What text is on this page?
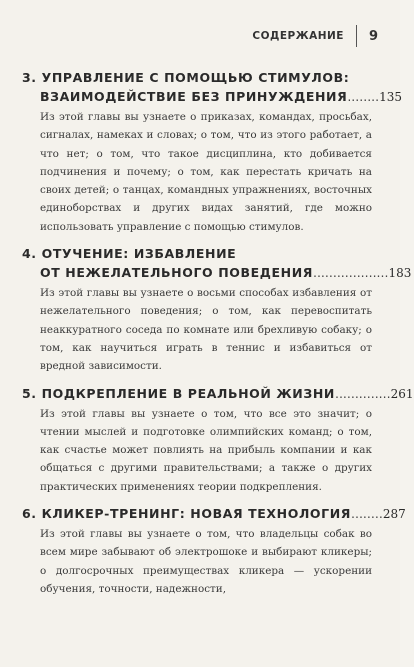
СОДЕРЖАНИЕ 9
3. УПРАВЛЕНИЕ С ПОМОЩЬЮ СТИМУЛОВ:
ВЗАИМОДЕЙСТВИЕ БЕЗ ПРИНУЖДЕНИЯ........135

Из этой главы вы узнаете о приказах, командах, просьбах, сигналах, намеках и словах; о том, что из этого работает, а что нет; о том, что такое дисциплина, кто добивается подчинения и почему; о том, как перестать кричать на своих детей; о танцах, командных упражнениях, восточных единоборствах и других видах занятий, где можно использовать управление с помощью стимулов.

4. ОТУЧЕНИЕ: ИЗБАВЛЕНИЕ
ОТ НЕЖЕЛАТЕЛЬНОГО ПОВЕДЕНИЯ...................183

Из этой главы вы узнаете о восьми способах избавления от нежелательного поведения; о том, как перевоспитать неаккуратного соседа по комнате или брехливую собаку; о том, как научиться играть в теннис и избавиться от вредной зависимости.

5. ПОДКРЕПЛЕНИЕ В РЕАЛЬНОЙ ЖИЗНИ..............261

Из этой главы вы узнаете о том, что все это значит; о чтении мыслей и подготовке олимпийских команд; о том, как счастье может повлиять на прибыль компании и как общаться с другими правительствами; а также о других практических применениях теории подкрепления.

6. КЛИКЕР-ТРЕНИНГ: НОВАЯ ТЕХНОЛОГИЯ........287

Из этой главы вы узнаете о том, что владельцы собак во всем мире забывают об электрошоке и выбирают кликеры; о долгосрочных преимуществах кликера — ускорении обучения, точности, надежности,
